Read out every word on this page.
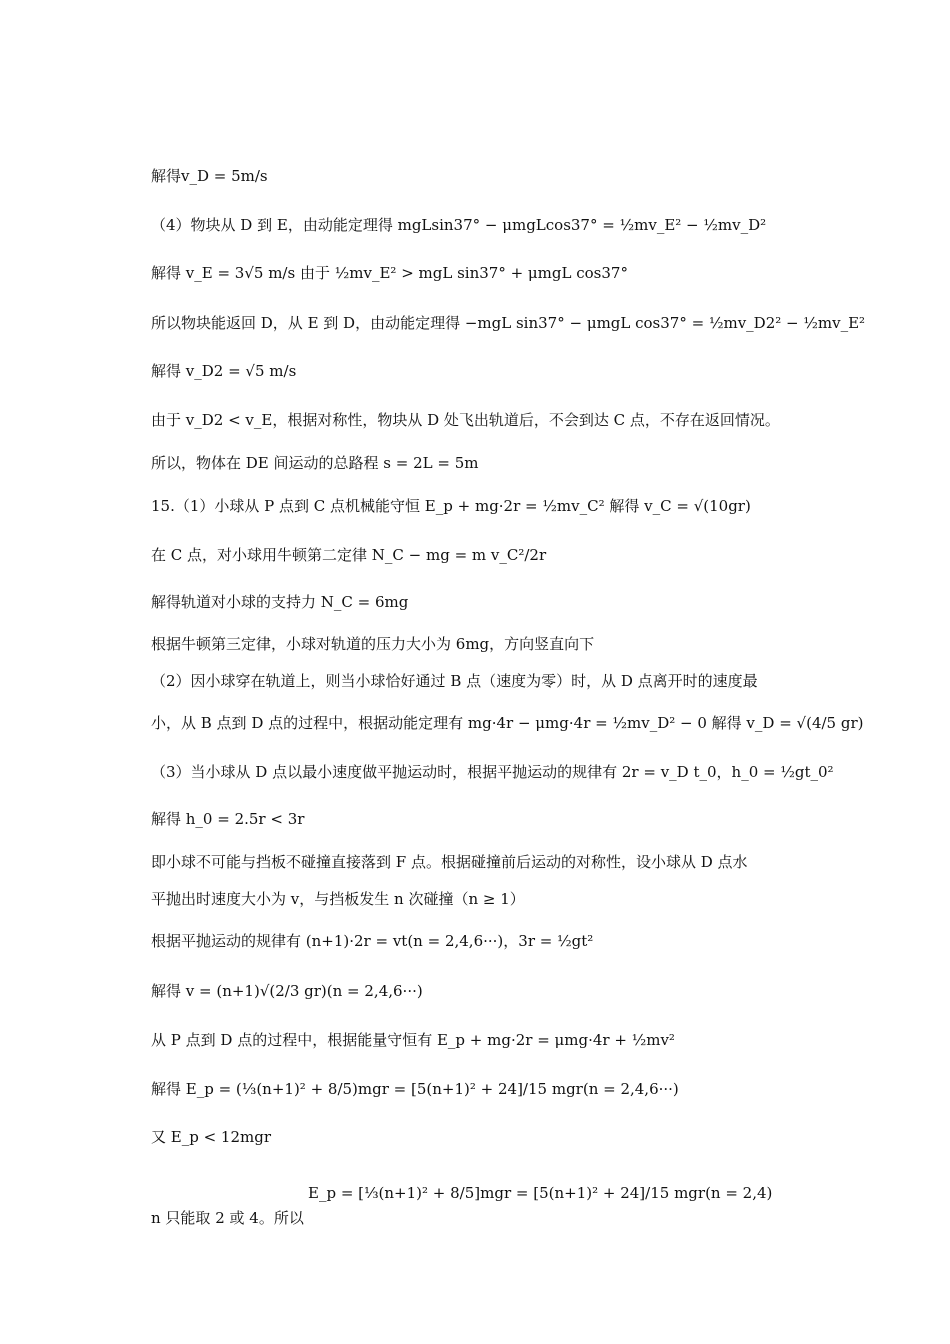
解得v_D = 5m/s
（4）物块从 D 到 E，由动能定理得 mgLsin37° − μmgLcos37° = ½mv_E² − ½mv_D²
解得 v_E = 3√5 m/s 由于 ½mv_E² > mgL sin37° + μmgL cos37°
所以物块能返回 D，从 E 到 D，由动能定理得 −mgL sin37° − μmgL cos37° = ½mv_D2² − ½mv_E²
解得 v_D2 = √5 m/s
由于 v_D2 < v_E，根据对称性，物块从 D 处飞出轨道后，不会到达 C 点，不存在返回情况。
所以，物体在 DE 间运动的总路程 s = 2L = 5m
15.（1）小球从 P 点到 C 点机械能守恒 E_p + mg·2r = ½mv_C² 解得 v_C = √(10gr)
在 C 点，对小球用牛顿第二定律 N_C − mg = m v_C²/2r
解得轨道对小球的支持力 N_C = 6mg
根据牛顿第三定律，小球对轨道的压力大小为 6mg，方向竖直向下
（2）因小球穿在轨道上，则当小球恰好通过 B 点（速度为零）时，从 D 点离开时的速度最
小，从 B 点到 D 点的过程中，根据动能定理有 mg·4r − μmg·4r = ½mv_D² − 0 解得 v_D = √(4/5 gr)
（3）当小球从 D 点以最小速度做平抛运动时，根据平抛运动的规律有 2r = v_D t_0，h_0 = ½gt_0²
解得 h_0 = 2.5r < 3r
即小球不可能与挡板不碰撞直接落到 F 点。根据碰撞前后运动的对称性，设小球从 D 点水
平抛出时速度大小为 v，与挡板发生 n 次碰撞（n ≥ 1）
根据平抛运动的规律有 (n+1)·2r = vt(n = 2,4,6···)，3r = ½gt²
解得 v = (n+1)√(2/3 gr)(n = 2,4,6···)
从 P 点到 D 点的过程中，根据能量守恒有 E_p + mg·2r = μmg·4r + ½mv²
解得 E_p = (⅓(n+1)² + 8/5)mgr = [5(n+1)² + 24]/15 mgr(n = 2,4,6···)
又 E_p < 12mgr
E_p = [⅓(n+1)² + 8/5]mgr = [5(n+1)² + 24]/15 mgr(n = 2,4)
n 只能取 2 或 4。所以
